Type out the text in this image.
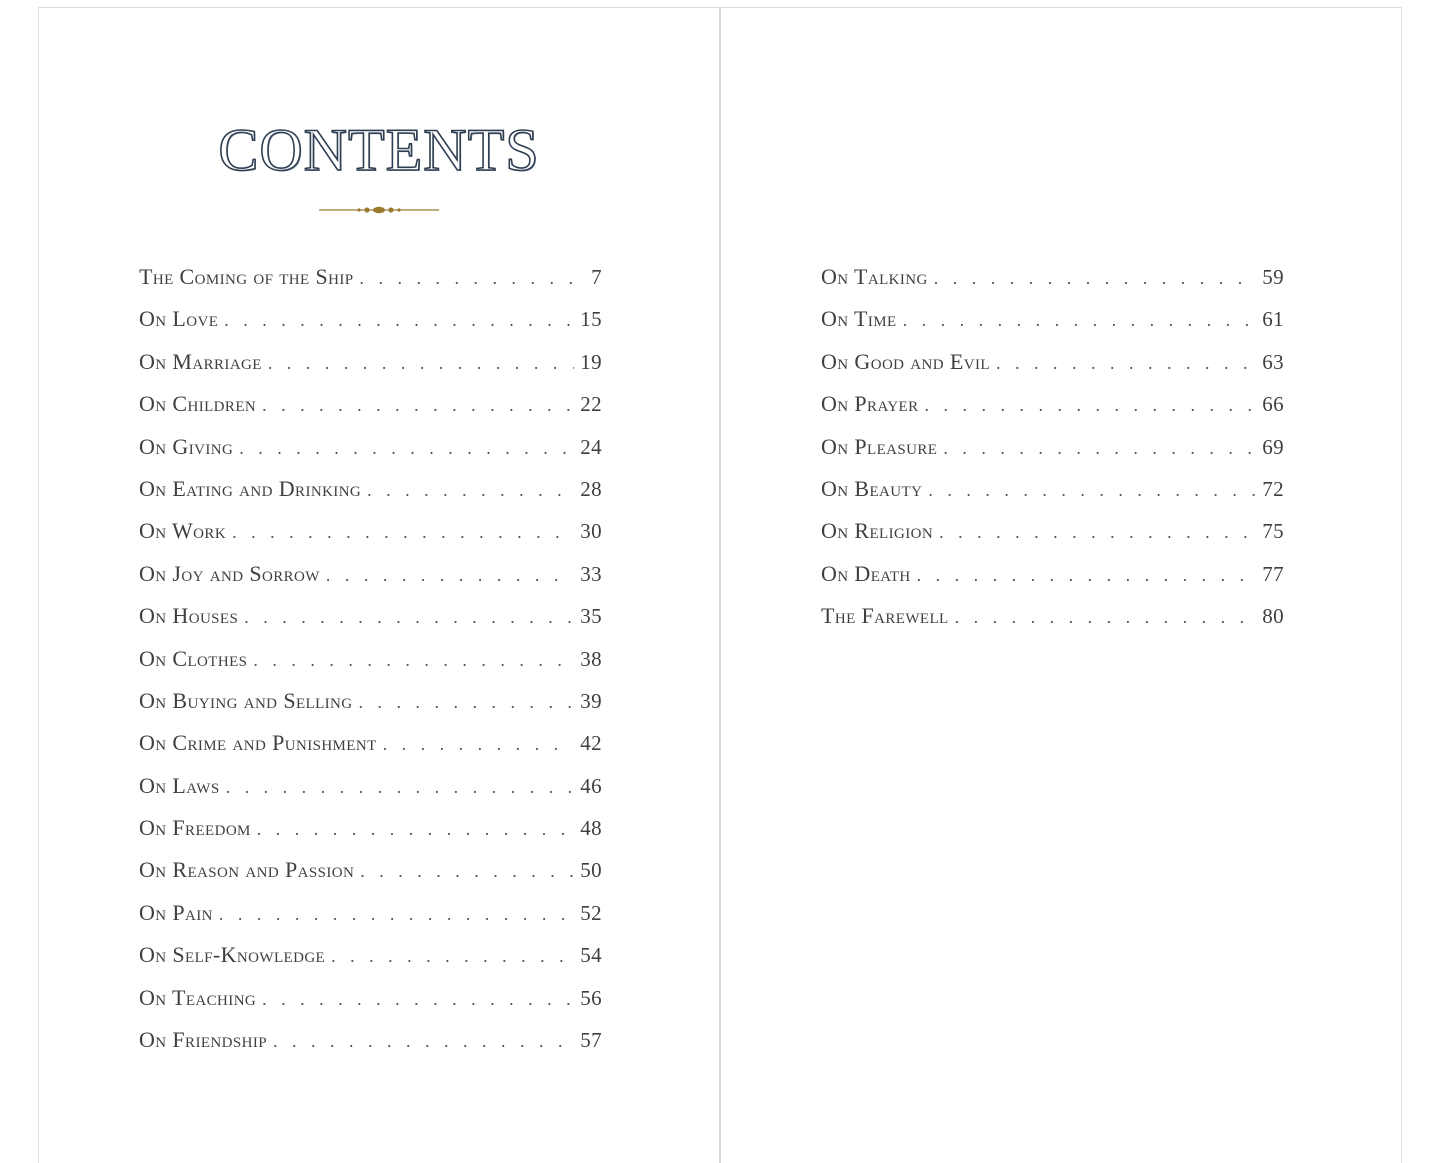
CONTENTS
The Coming of the Ship . . .	7
On Love . . .	15
On Marriage . . .	19
On Children . . .	22
On Giving . . .	24
On Eating and Drinking . . .	28
On Work . . .	30
On Joy and Sorrow . . .	33
On Houses . . .	35
On Clothes . . .	38
On Buying and Selling . . .	39
On Crime and Punishment . . .	42
On Laws . . .	46
On Freedom . . .	48
On Reason and Passion . . .	50
On Pain . . .	52
On Self-Knowledge . . .	54
On Teaching . . .	56
On Friendship . . .	57
On Talking . . .	59
On Time . . .	61
On Good and Evil . . .	63
On Prayer . . .	66
On Pleasure . . .	69
On Beauty . . .	72
On Religion . . .	75
On Death . . .	77
The Farewell . . .	80
